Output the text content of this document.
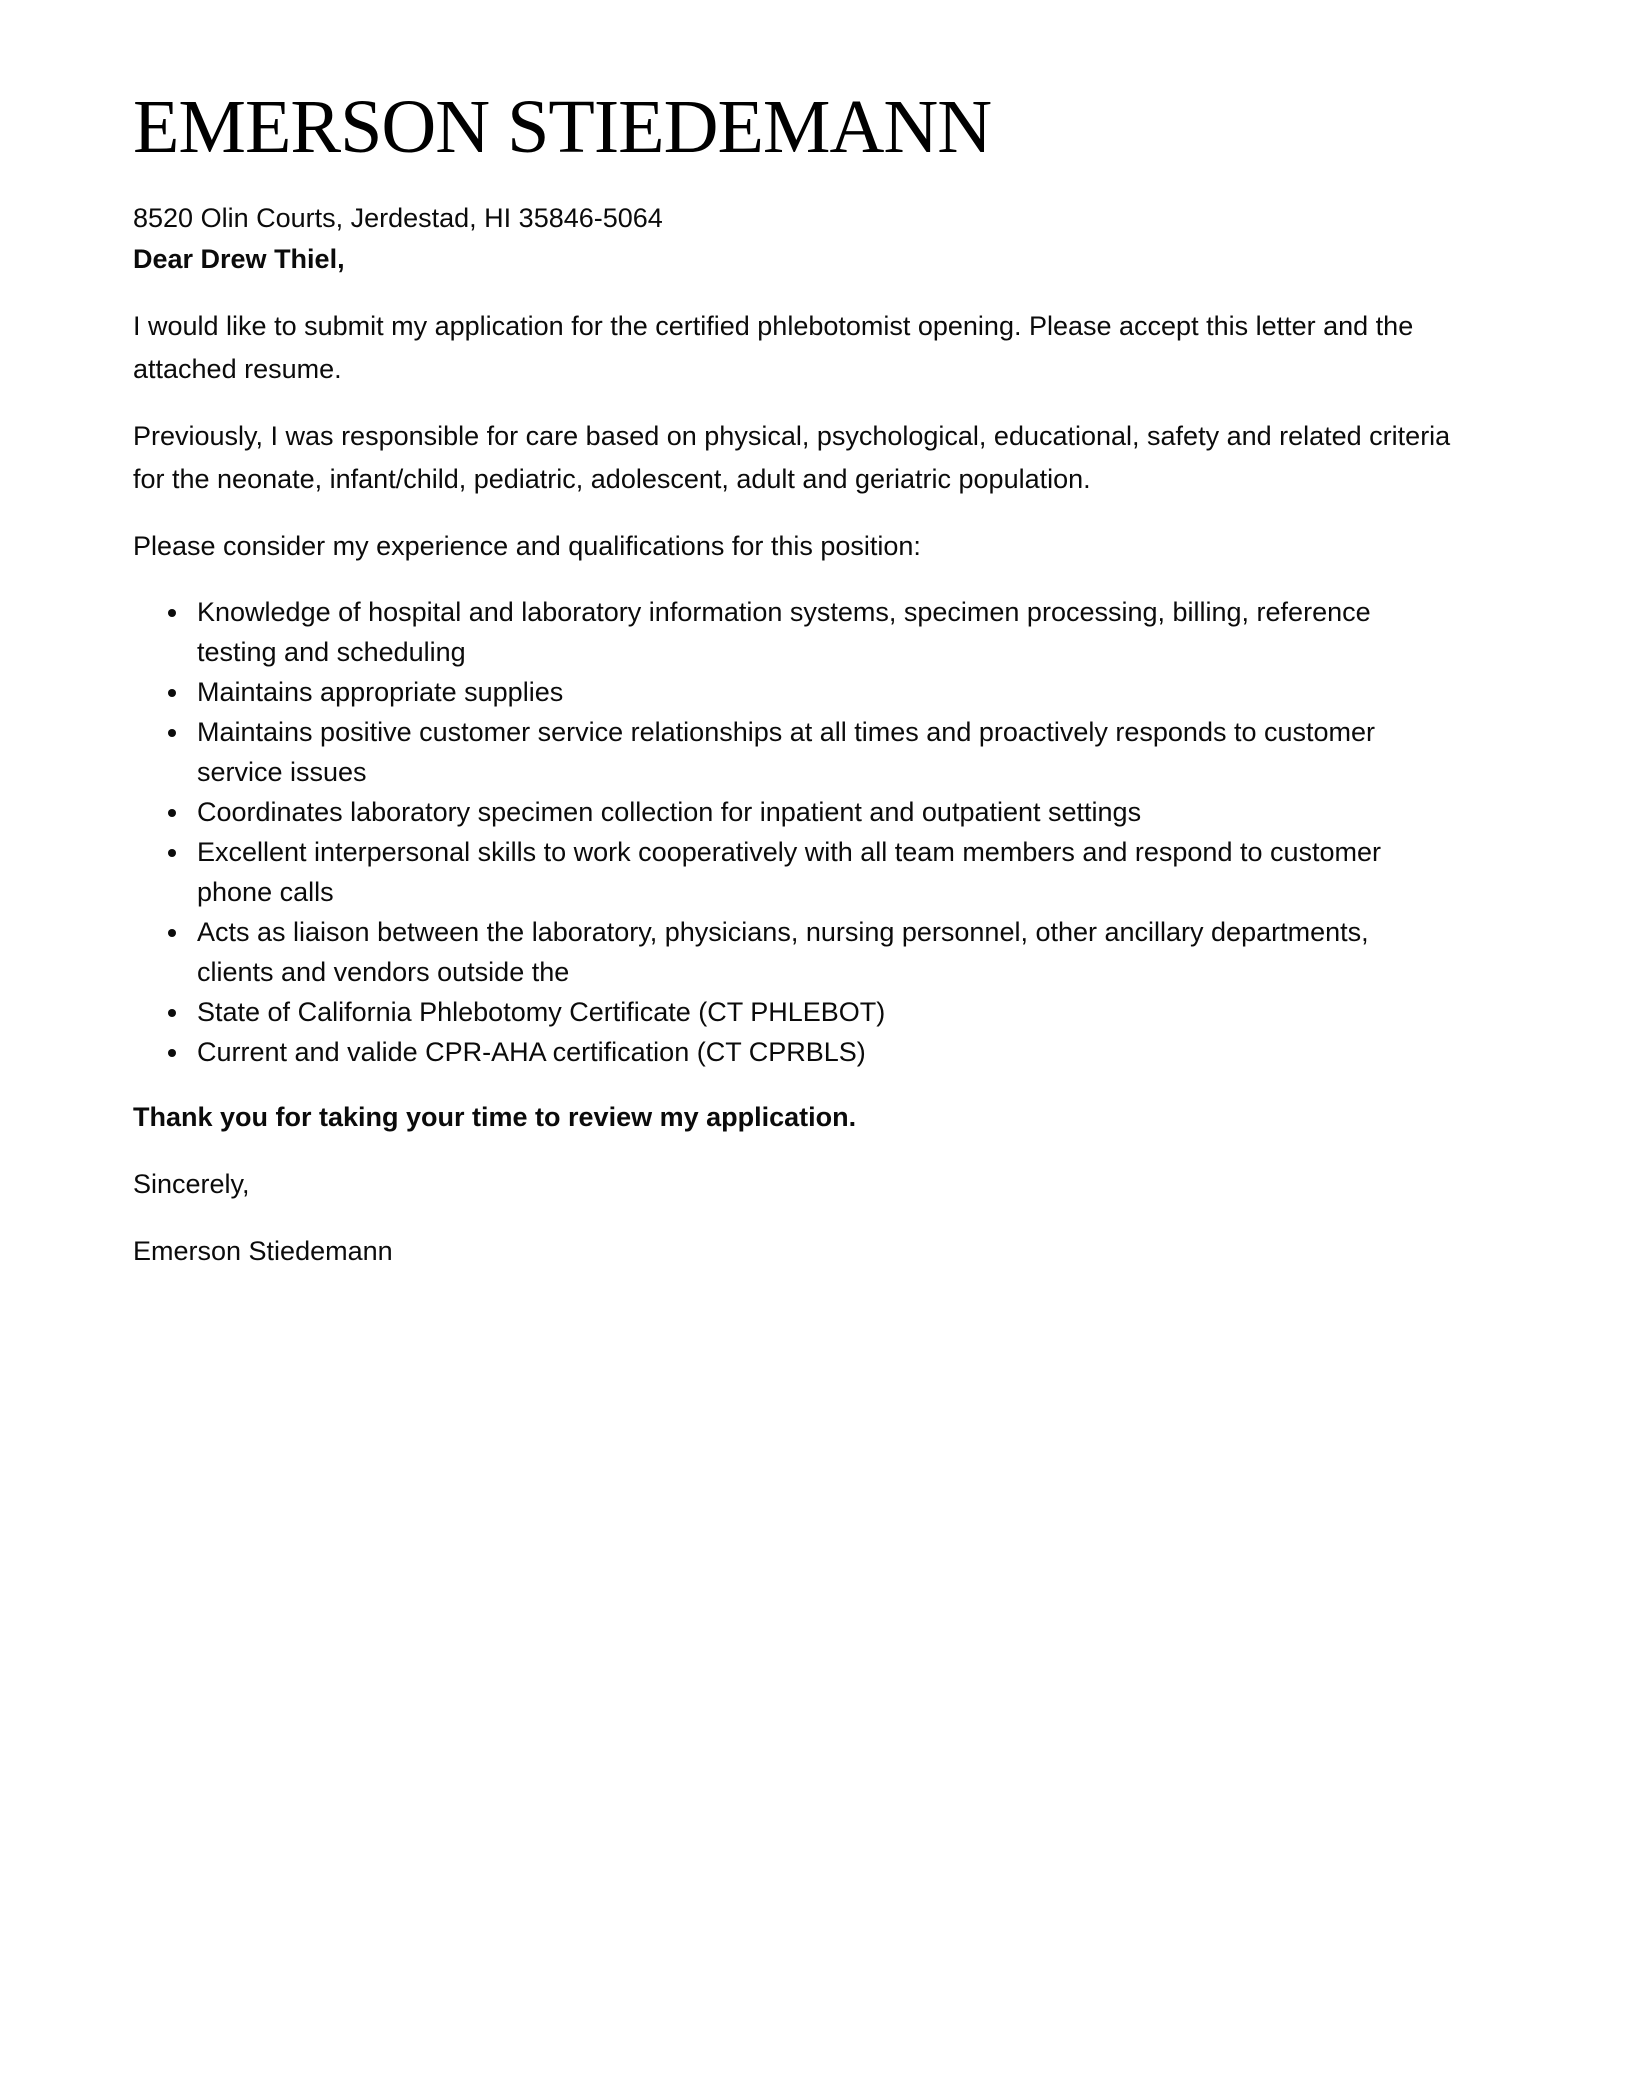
EMERSON STIEDEMANN
8520 Olin Courts, Jerdestad, HI 35846-5064

Dear Drew Thiel,

I would like to submit my application for the certified phlebotomist opening. Please accept this letter and the attached resume.

Previously, I was responsible for care based on physical, psychological, educational, safety and related criteria for the neonate, infant/child, pediatric, adolescent, adult and geriatric population.

Please consider my experience and qualifications for this position:

• Knowledge of hospital and laboratory information systems, specimen processing, billing, reference testing and scheduling
• Maintains appropriate supplies
• Maintains positive customer service relationships at all times and proactively responds to customer service issues
• Coordinates laboratory specimen collection for inpatient and outpatient settings
• Excellent interpersonal skills to work cooperatively with all team members and respond to customer phone calls
• Acts as liaison between the laboratory, physicians, nursing personnel, other ancillary departments, clients and vendors outside the
• State of California Phlebotomy Certificate (CT PHLEBOT)
• Current and valide CPR-AHA certification (CT CPRBLS)

Thank you for taking your time to review my application.

Sincerely,

Emerson Stiedemann
